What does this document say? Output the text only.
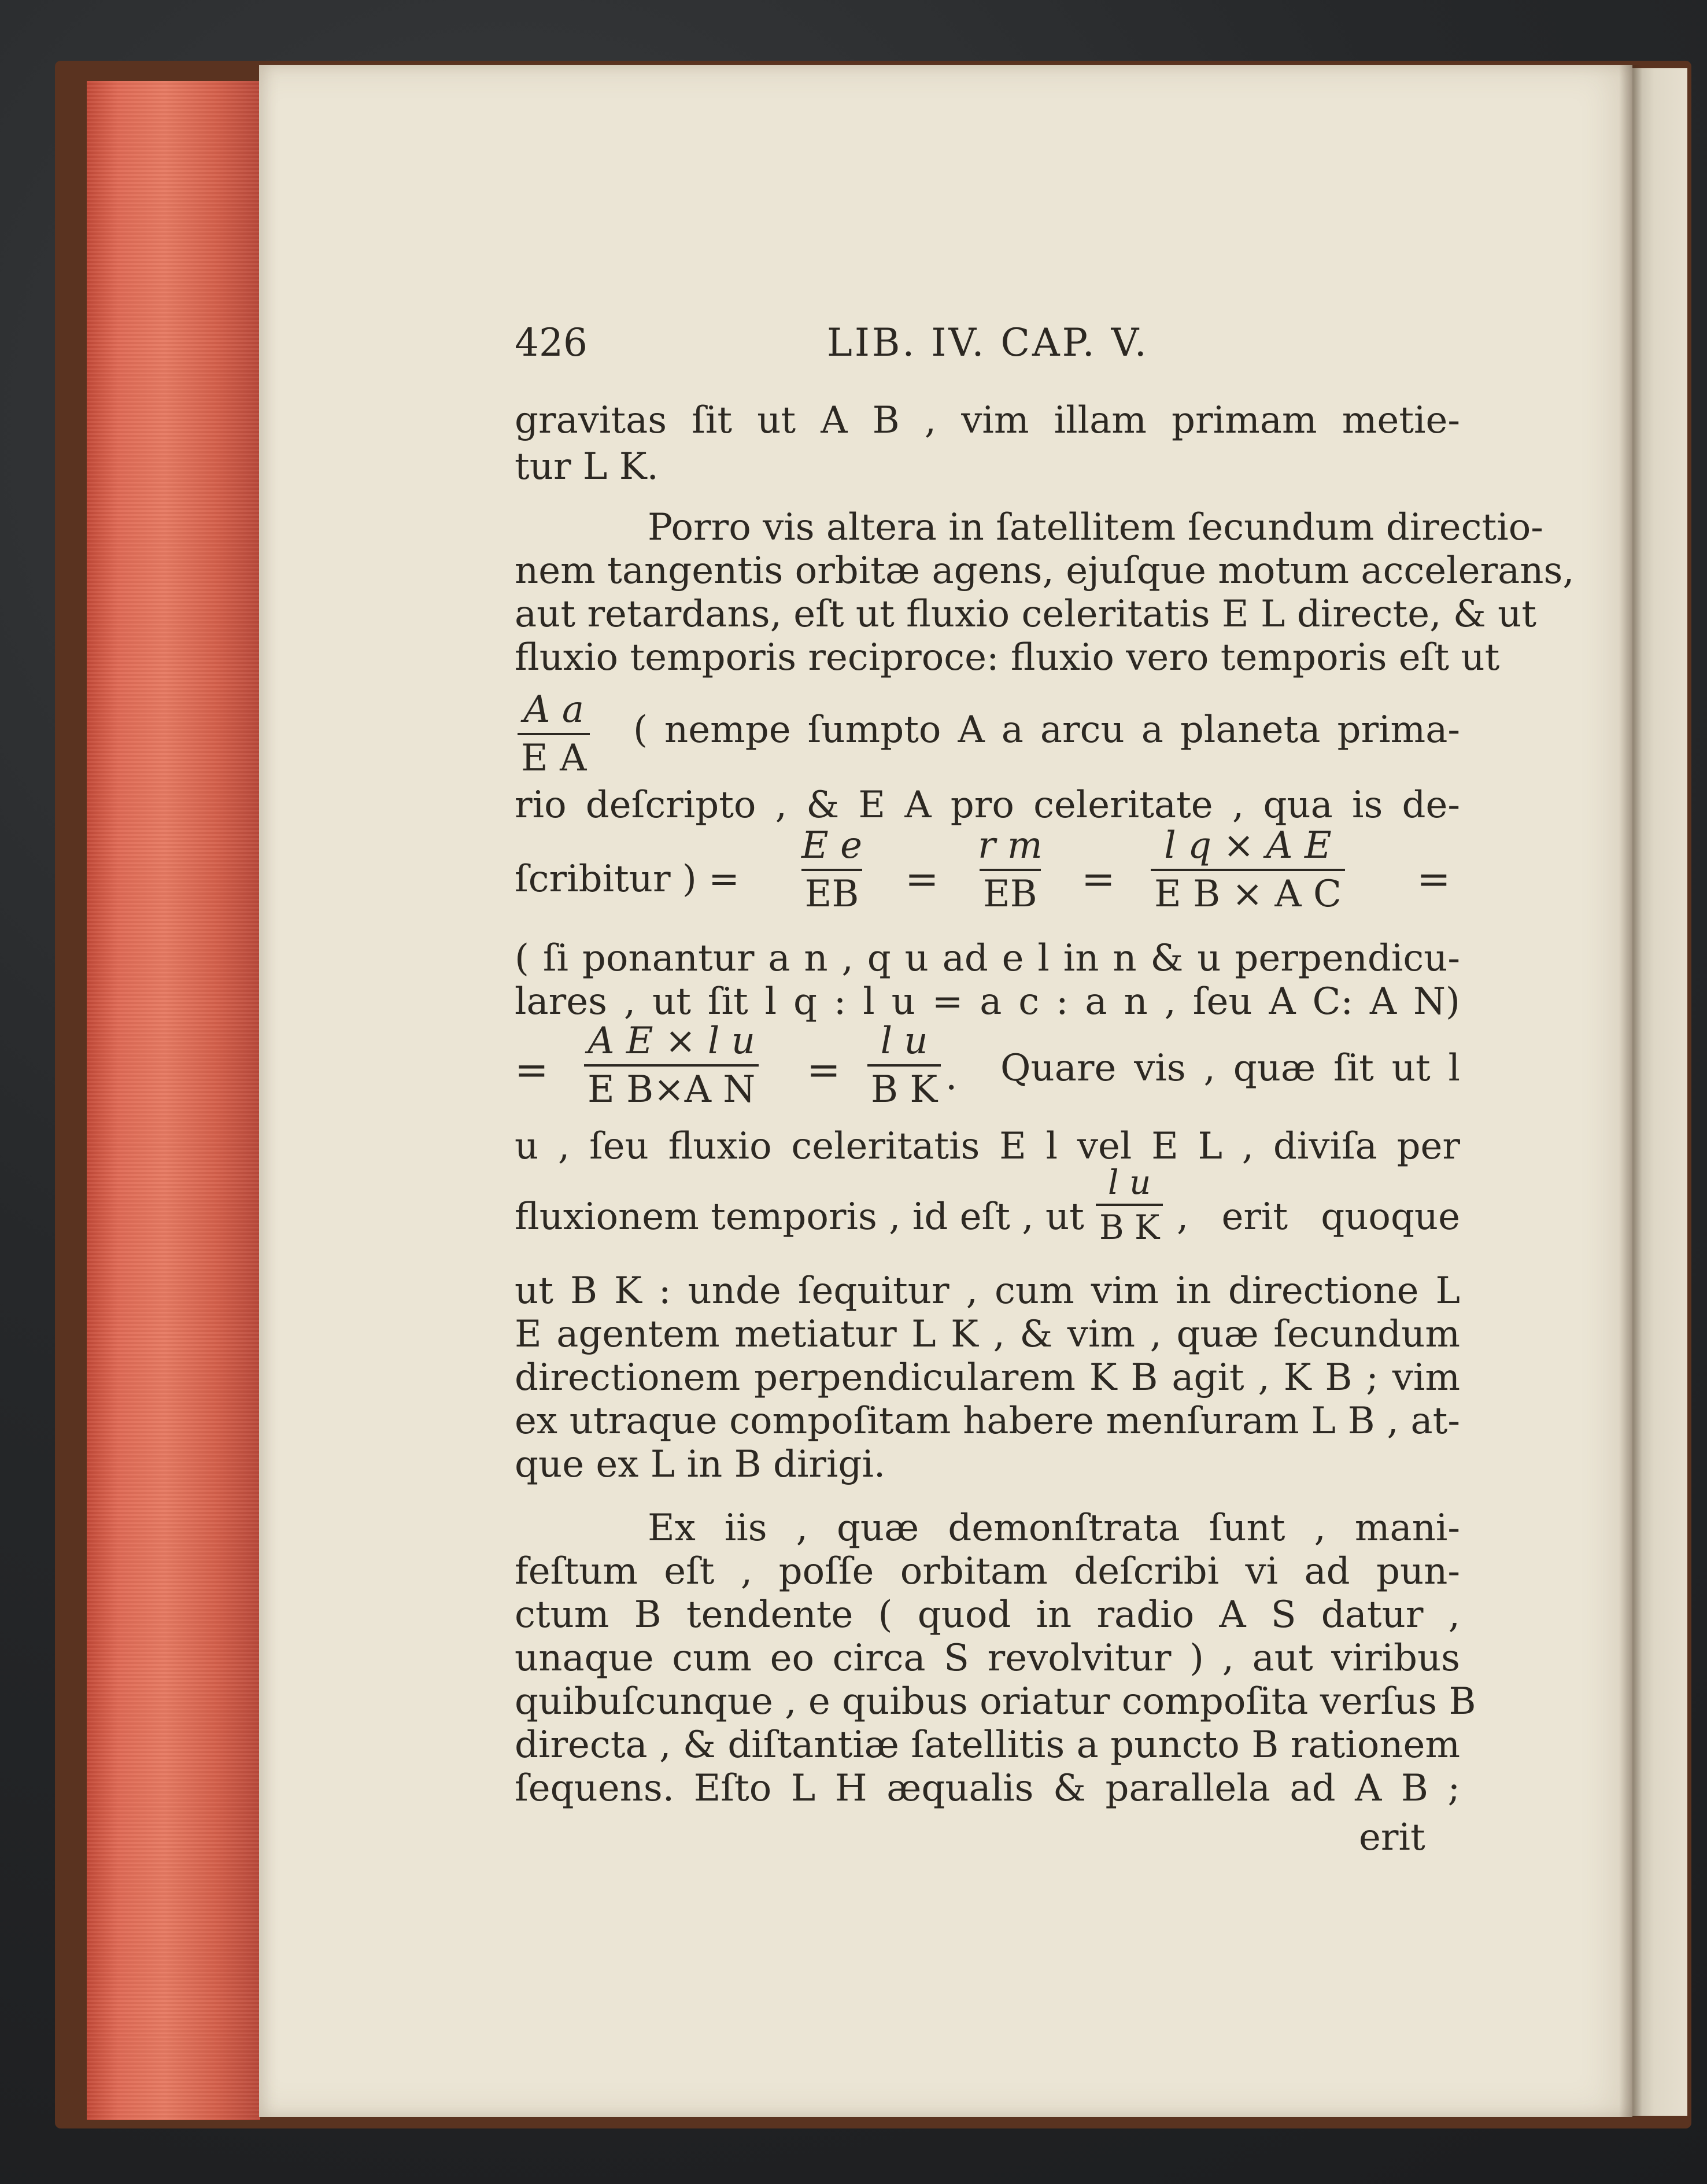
426	LIB. IV. CAP. V.
gravitas ſit ut A B , vim illam primam metie-
tur L K.
Porro vis altera in ſatellitem ſecundum directio-
nem tangentis orbitæ agens, ejuſque motum accelerans,
aut retardans, eſt ut fluxio celeritatis E L directe, & ut
fluxio temporis reciproce: fluxio vero temporis eſt ut
$\frac{\text{A a}}{\text{E A}}$ ( nempe ſumpto A a arcu a planeta prima-
rio deſcripto , & E A pro celeritate , qua is de-
ſcribitur ) = $\frac{\text{E e}}{EB} = \frac{\text{r m}}{EB} = \frac{\text{l q × A E}}{\text{E B × A C}}$ =
( ſi ponantur a n , q u ad e l in n & u perpendicu-
lares , ut ſit l q : l u = a c : a n , ſeu A C: A N)
= $\frac{\text{A E × l u}}{\text{E B×A N}} = \frac{\text{l u}}{\text{B K}}$ . Quare vis , quæ ſit ut l
u , ſeu fluxio celeritatis E l vel E L , diviſa per
fluxionem temporis , id eſt , ut $\frac{\text{l u}}{\text{B K}}$ , erit quoque
ut B K : unde ſequitur , cum vim in directione L
E agentem metiatur L K , & vim , quæ ſecundum
directionem perpendicularem K B agit , K B ; vim
ex utraque compoſitam habere menſuram L B , at-
que ex L in B dirigi.
Ex iis , quæ demonſtrata ſunt , mani-
feſtum eſt , poſſe orbitam deſcribi vi ad pun-
ctum B tendente ( quod in radio A S datur ,
unaque cum eo circa S revolvitur ) , aut viribus
quibuſcunque , e quibus oriatur compoſita verſus B
directa , & diſtantiæ ſatellitis a puncto B rationem
ſequens. Eſto L H æqualis & parallela ad A B ;
erit
